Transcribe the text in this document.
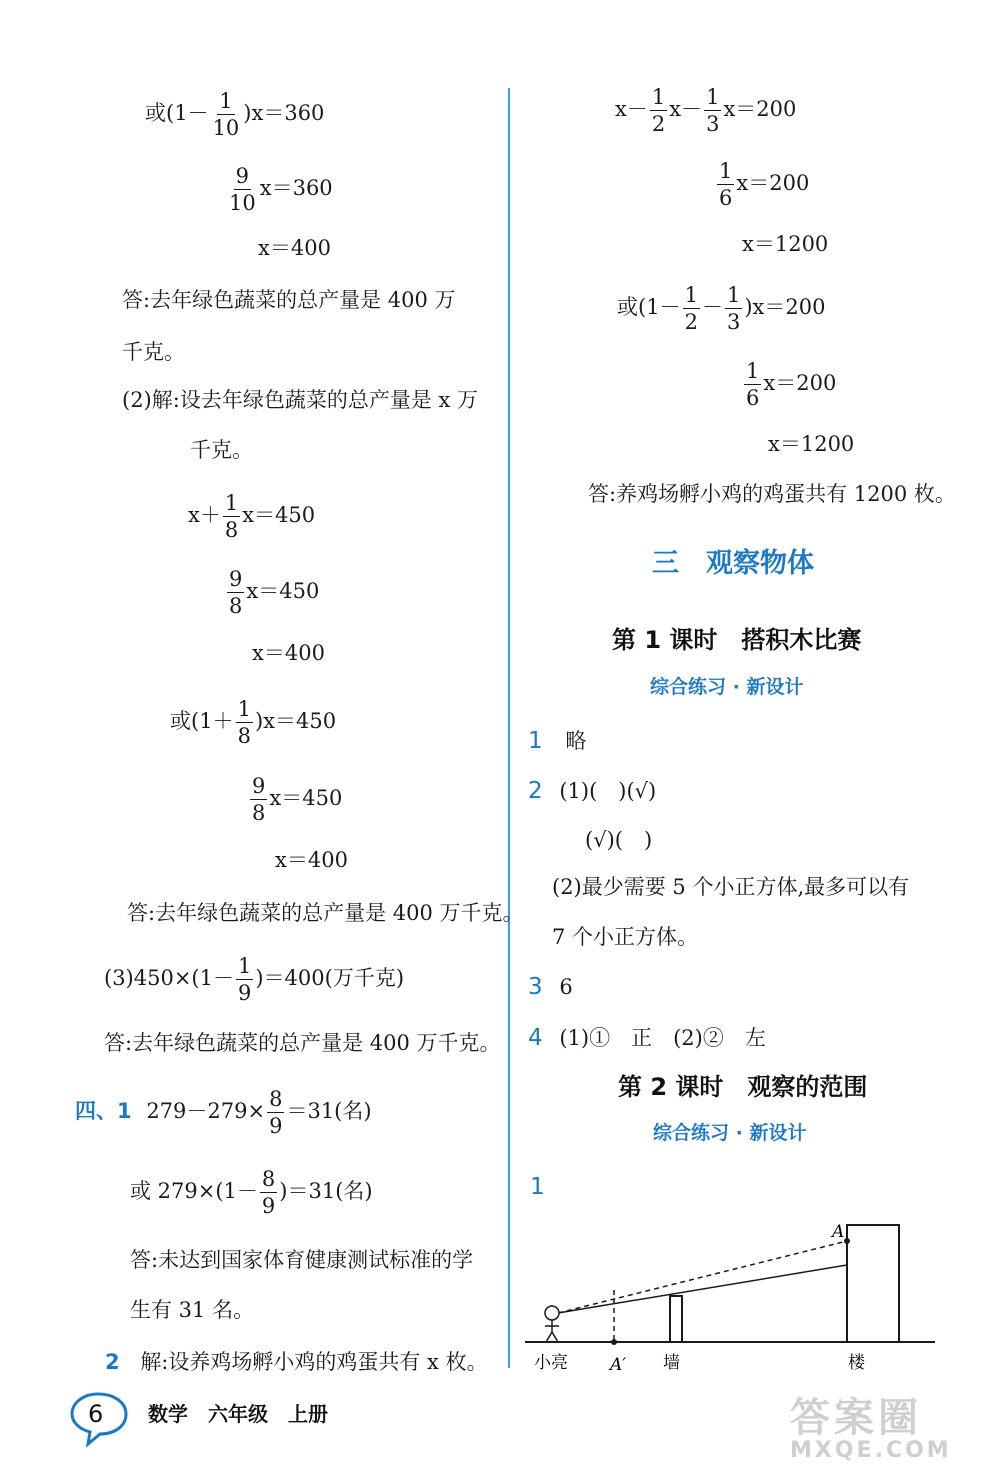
或$(1- \frac{1}{10} )x=360$
$\frac{9}{10} x=360$
x＝400
答:去年绿色蔬菜的总产量是 400 万
千克。
(2)解:设去年绿色蔬菜的总产量是 x 万
千克。
$x+ \frac{1}{8} x=450$
$\frac{9}{8} x=450$
x＝400
或$(1+ \frac{1}{8} )x=450$
$\frac{9}{8} x=450$
x＝400
答:去年绿色蔬菜的总产量是 400 万千克。
$(3)450\times(1- \frac{1}{9} )=400$(万千克)
答:去年绿色蔬菜的总产量是 400 万千克。
四、1 $279-279\times \frac{8}{9} =31$(名)
或 $279\times(1- \frac{8}{9} )=31$(名)
答:未达到国家体育健康测试标准的学
生有 31 名。
2 解:设养鸡场孵小鸡的鸡蛋共有 x 枚。
$x- \frac{1}{2} x- \frac{1}{3} x=200$
$\frac{1}{6} x=200$
x＝1200
或$(1- \frac{1}{2} - \frac{1}{3} )x=200$
$\frac{1}{6} x=200$
x＝1200
答:养鸡场孵小鸡的鸡蛋共有 1200 枚。
三　观察物体
第 1 课时　搭积木比赛
综合练习 · 新设计
1 略
2 (1)(　)(√)
(√)(　)
(2)最少需要 5 个小正方体,最多可以有
7 个小正方体。
3 6
4 (1)①　正　(2)②　左
第 2 课时　观察的范围
综合练习 · 新设计
1
A
小亮 A′ 墙	楼
6 数学　六年级　上册	答案圈
MXQE.COM
